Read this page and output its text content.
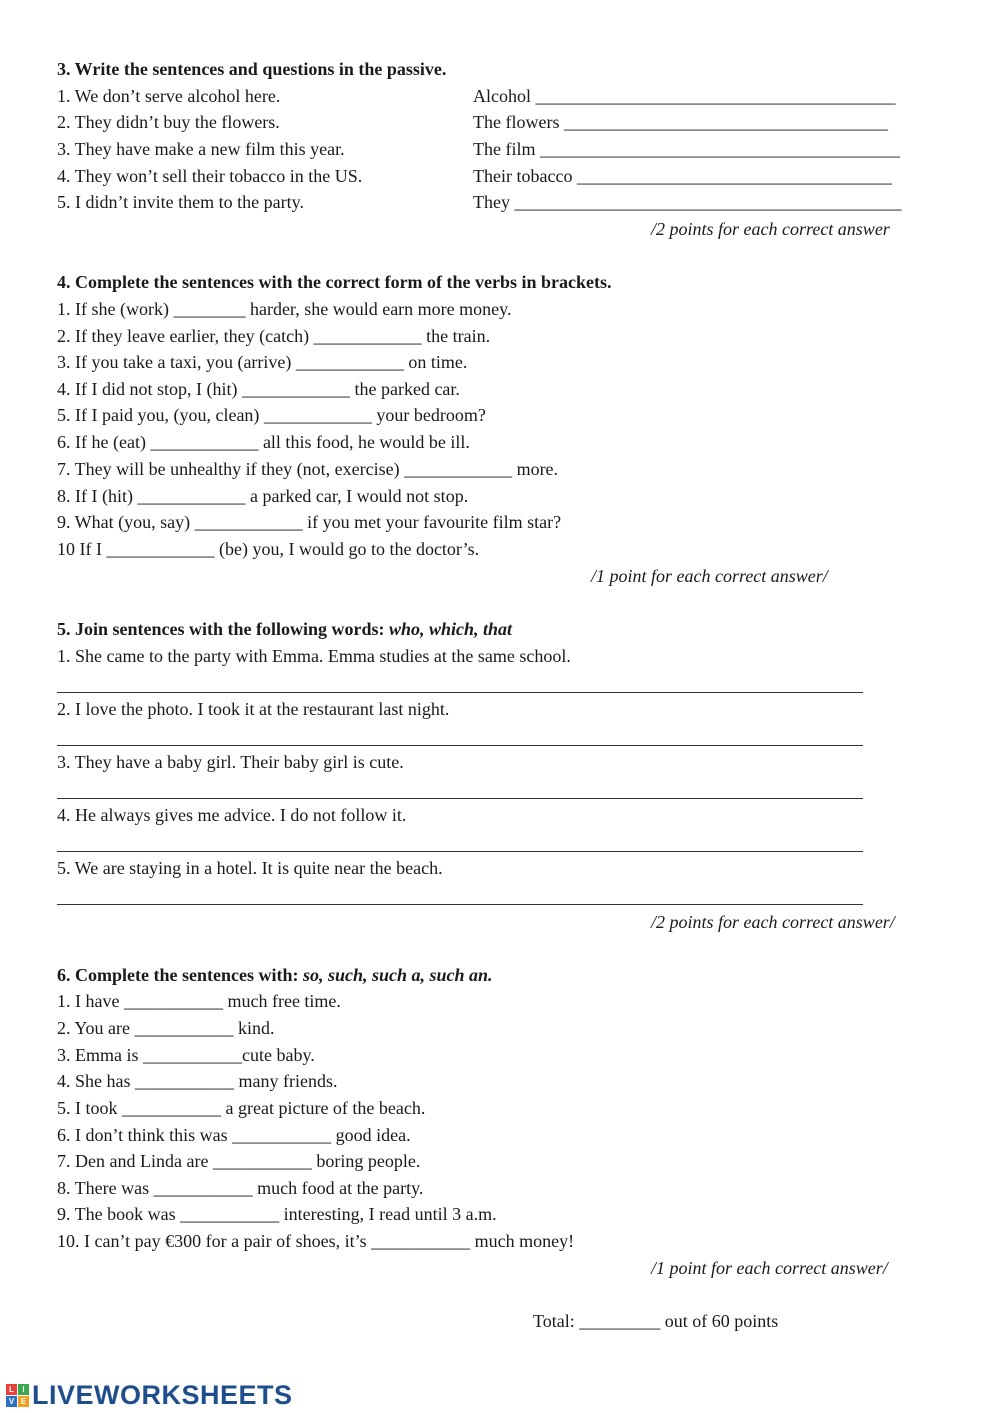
3. Write the sentences and questions in the passive.
1. We don’t serve alcohol here.	Alcohol ________________________________________
2. They didn’t buy the flowers.	The flowers ____________________________________
3. They have make a new film this year.	The film ________________________________________
4. They won’t sell their tobacco in the US.	Their tobacco ___________________________________
5. I didn’t invite them to the party.	They ___________________________________________
/2 points for each correct answer
4. Complete the sentences with the correct form of the verbs in brackets.
1. If she (work) ________ harder, she would earn more money.
2. If they leave earlier, they (catch) ____________ the train.
3. If you take a taxi, you (arrive) ____________ on time.
4. If I did not stop, I (hit) ____________ the parked car.
5. If I paid you, (you, clean) ____________ your bedroom?
6. If he (eat) ____________ all this food, he would be ill.
7. They will be unhealthy if they (not, exercise) ____________ more.
8. If I (hit) ____________ a parked car, I would not stop.
9. What (you, say) ____________ if you met your favourite film star?
10 If I ____________ (be) you, I would go to the doctor’s.
/1 point for each correct answer/
5. Join sentences with the following words: who, which, that
1. She came to the party with Emma. Emma studies at the same school.
2. I love the photo. I took it at the restaurant last night.
3. They have a baby girl. Their baby girl is cute.
4. He always gives me advice. I do not follow it.
5. We are staying in a hotel. It is quite near the beach.
/2 points for each correct answer/
6. Complete the sentences with: so, such, such a, such an.
1. I have ___________ much free time.
2. You are ___________ kind.
3. Emma is ___________cute baby.
4. She has ___________ many friends.
5. I took ___________ a great picture of the beach.
6. I don’t think this was ___________ good idea.
7. Den and Linda are ___________ boring people.
8. There was ___________ much food at the party.
9. The book was ___________ interesting, I read until 3 a.m.
10. I can’t pay €300 for a pair of shoes, it’s ___________ much money!
/1 point for each correct answer/
Total: _________ out of 60 points
L	I
V E LIVEWORKSHEETS
